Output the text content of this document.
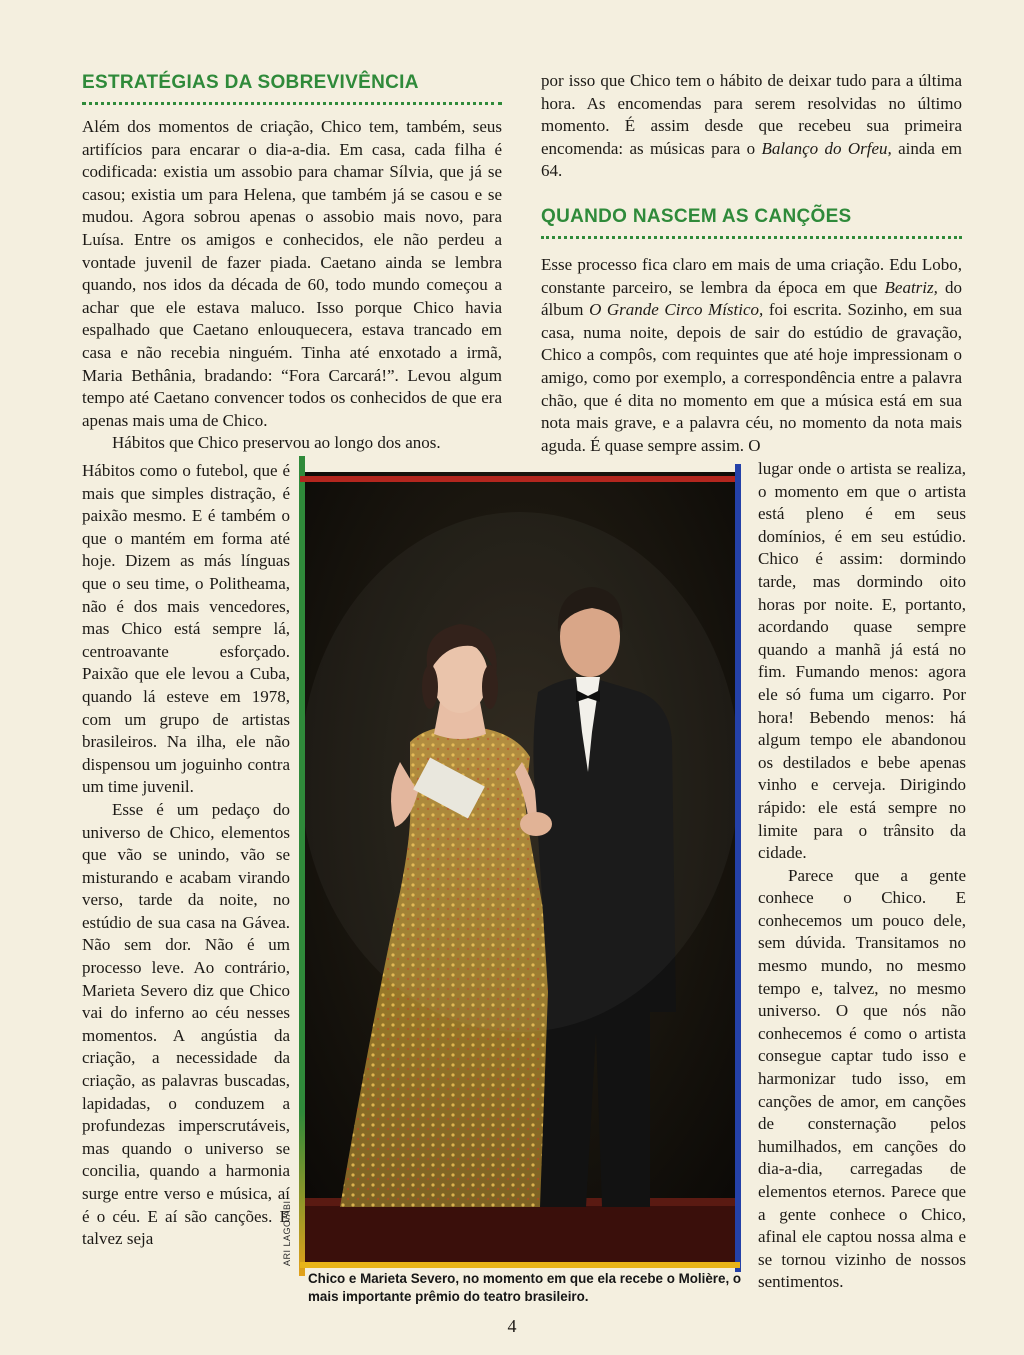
ESTRATÉGIAS DA SOBREVIVÊNCIA

Além dos momentos de criação, Chico tem, também, seus artifícios para encarar o dia-a-dia. Em casa, cada filha é codificada: existia um assobio para chamar Sílvia, que já se casou; existia um para Helena, que também já se casou e se mudou. Agora sobrou apenas o assobio mais novo, para Luísa. Entre os amigos e conhecidos, ele não perdeu a vontade juvenil de fazer piada. Caetano ainda se lembra quando, nos idos da década de 60, todo mundo começou a achar que ele estava maluco. Isso porque Chico havia espalhado que Caetano enlouquecera, estava trancado em casa e não recebia ninguém. Tinha até enxotado a irmã, Maria Bethânia, bradando: “Fora Carcará!”. Levou algum tempo até Caetano convencer todos os conhecidos de que era apenas mais uma de Chico.

Hábitos que Chico preservou ao longo dos anos.

Hábitos como o futebol, que é mais que simples distração, é paixão mesmo. E é também o que o mantém em forma até hoje. Dizem as más línguas que o seu time, o Politheama, não é dos mais vencedores, mas Chico está sempre lá, centroavante esforçado. Paixão que ele levou a Cuba, quando lá esteve em 1978, com um grupo de artistas brasileiros. Na ilha, ele não dispensou um joguinho contra um time juvenil.

Esse é um pedaço do universo de Chico, elementos que vão se unindo, vão se misturando e acabam virando verso, tarde da noite, no estúdio de sua casa na Gávea. Não sem dor. Não é um processo leve. Ao contrário, Marieta Severo diz que Chico vai do inferno ao céu nesses momentos. A angústia da criação, a necessidade da criação, as palavras buscadas, lapidadas, o conduzem a profundezas imperscrutáveis, mas quando o universo se concilia, quando a harmonia surge entre verso e música, aí é o céu. E aí são canções. E talvez seja

por isso que Chico tem o hábito de deixar tudo para a última hora. As encomendas para serem resolvidas no último momento. É assim desde que recebeu sua primeira encomenda: as músicas para o Balanço do Orfeu, ainda em 64.

QUANDO NASCEM AS CANÇÕES

Esse processo fica claro em mais de uma criação. Edu Lobo, constante parceiro, se lembra da época em que Beatriz, do álbum O Grande Circo Místico, foi escrita. Sozinho, em sua casa, numa noite, depois de sair do estúdio de gravação, Chico a compôs, com requintes que até hoje impressionam o amigo, como por exemplo, a correspondência entre a palavra chão, que é dita no momento em que a música está em sua nota mais grave, e a palavra céu, no momento da nota mais aguda. É quase sempre assim. O

lugar onde o artista se realiza, o momento em que o artista está pleno é em seus domínios, é em seu estúdio. Chico é assim: dormindo tarde, mas dormindo oito horas por noite. E, portanto, acordando quase sempre quando a manhã já está no fim. Fumando menos: agora ele só fuma um cigarro. Por hora! Bebendo menos: há algum tempo ele abandonou os destilados e bebe apenas vinho e cerveja. Dirigindo rápido: ele está sempre no limite para o trânsito da cidade.

Parece que a gente conhece o Chico. E conhecemos um pouco dele, sem dúvida. Transitamos no mesmo mundo, no mesmo tempo e, talvez, no mesmo universo. O que nós não conhecemos é como o artista consegue captar tudo isso e harmonizar tudo isso, em canções de amor, em canções de consternação pelos humilhados, em canções do dia-a-dia, carregadas de elementos eternos. Parece que a gente conhece o Chico, afinal ele captou nossa alma e se tornou vizinho de nossos sentimentos.

ARI LAGO/ABI
Chico e Marieta Severo, no momento em que ela recebe o Molière, o mais importante prêmio do teatro brasileiro.
4
